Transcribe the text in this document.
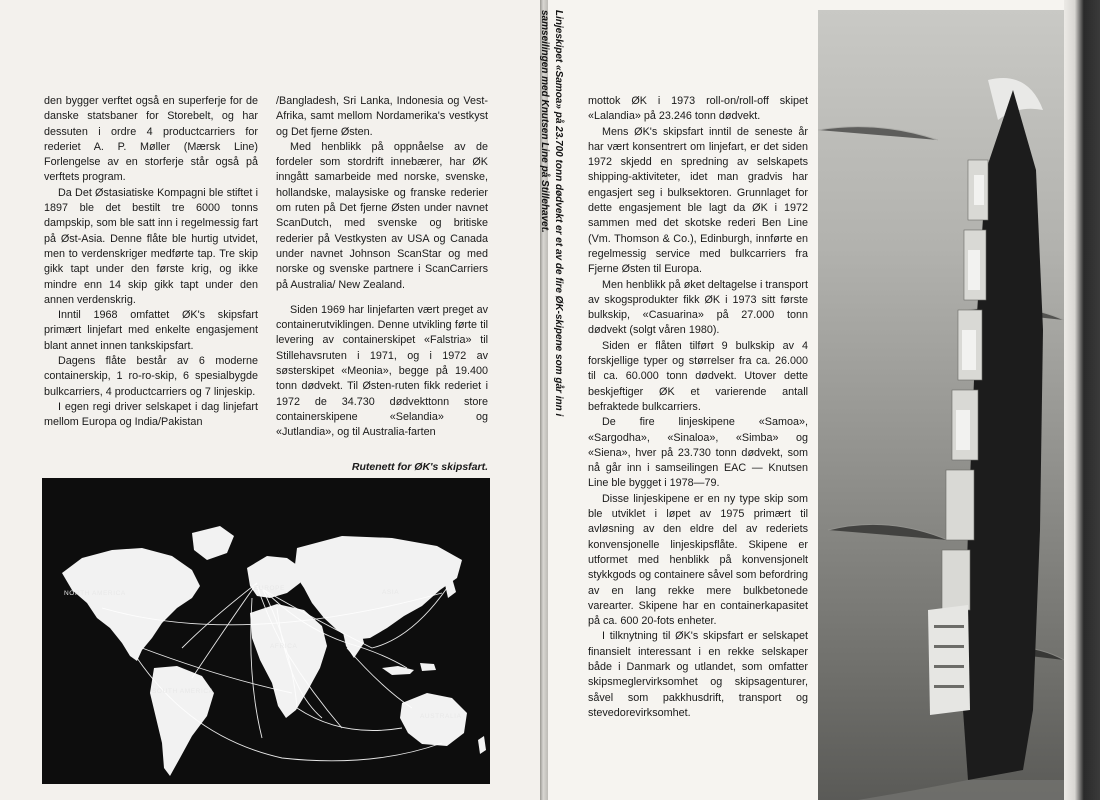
den bygger verftet også en superferje for de danske statsbaner for Storebelt, og har dessuten i ordre 4 productcarriers for rederiet A. P. Møller (Mærsk Line) Forlengelse av en storferje står også på verftets program.

Da Det Østasiatiske Kompagni ble stiftet i 1897 ble det bestilt tre 6000 tonns dampskip, som ble satt inn i regelmessig fart på Øst-Asia. Denne flåte ble hurtig utvidet, men to verdenskriger medførte tap. Tre skip gikk tapt under den første krig, og ikke mindre enn 14 skip gikk tapt under den annen verdenskrig.

Inntil 1968 omfattet ØK's skipsfart primært linjefart med enkelte engasjement blant annet innen tankskipsfart.

Dagens flåte består av 6 moderne containerskip, 1 ro-ro-skip, 6 spesialbygde bulkcarriers, 4 productcarriers og 7 linjeskip.

I egen regi driver selskapet i dag linjefart mellom Europa og India/Pakistan

/Bangladesh, Sri Lanka, Indonesia og Vest-Afrika, samt mellom Nordamerika's vestkyst og Det fjerne Østen.

Med henblikk på oppnåelse av de fordeler som stordrift innebærer, har ØK inngått samarbeide med norske, svenske, hollandske, malaysiske og franske rederier om ruten på Det fjerne Østen under navnet ScanDutch, med svenske og britiske rederier på Vestkysten av USA og Canada under navnet Johnson ScanStar og med norske og svenske partnere i ScanCarriers på Australia/ New Zealand.

Siden 1969 har linjefarten vært preget av containerutviklingen. Denne utvikling førte til levering av containerskipet «Falstria» til Stillehavsruten i 1971, og i 1972 av søsterskipet «Meonia», begge på 19.400 tonn dødvekt. Til Østen-ruten fikk rederiet i 1972 de 34.730 dødvekttonn store containerskipene «Selandia» og «Jutlandia», og til Australia-farten

Rutenett for ØK's skipsfart.
NORTH AMERICA
SOUTH AMERICA
EUROPE
ASIA
AFRICA
AUSTRALIA

mottok ØK i 1973 roll-on/roll-off skipet «Lalandia» på 23.246 tonn dødvekt.

Mens ØK's skipsfart inntil de seneste år har vært konsentrert om linjefart, er det siden 1972 skjedd en spredning av selskapets shipping-aktiviteter, idet man gradvis har engasjert seg i bulksektoren. Grunnlaget for dette engasjement ble lagt da ØK i 1972 sammen med det skotske rederi Ben Line (Vm. Thomson & Co.), Edinburgh, innførte en regelmessig service med bulkcarriers fra Fjerne Østen til Europa.

Men henblikk på øket deltagelse i transport av skogsprodukter fikk ØK i 1973 sitt første bulkskip, «Casuarina» på 27.000 tonn dødvekt (solgt våren 1980).

Siden er flåten tilført 9 bulkskip av 4 forskjellige typer og størrelser fra ca. 26.000 til ca. 60.000 tonn dødvekt. Utover dette beskjeftiger ØK et varierende antall befraktede bulkcarriers.

De fire linjeskipene «Samoa», «Sargodha», «Sinaloa», «Simba» og «Siena», hver på 23.730 tonn dødvekt, som nå går inn i samseilingen EAC — Knutsen Line ble bygget i 1978—79.

Disse linjeskipene er en ny type skip som ble utviklet i løpet av 1975 primært til avløsning av den eldre del av rederiets konvensjonelle linjeskipsflåte. Skipene er utformet med henblikk på konvensjonelt stykkgods og containere såvel som befordring av en lang rekke mere bulkbetonede varearter. Skipene har en containerkapasitet på ca. 600 20-fots enheter.

I tilknytning til ØK's skipsfart er selskapet finansielt interessant i en rekke selskaper både i Danmark og utlandet, som omfatter skipsmeglervirksomhet og skipsagenturer, såvel som pakkhusdrift, transport og stevedorevirksomhet.

Linjeskipet «Samoa» på 23.700 tonn dødvekt er et av de fire ØK-skipene som går inn i
samseilingen med Knutsen Line på Stillehavet.
